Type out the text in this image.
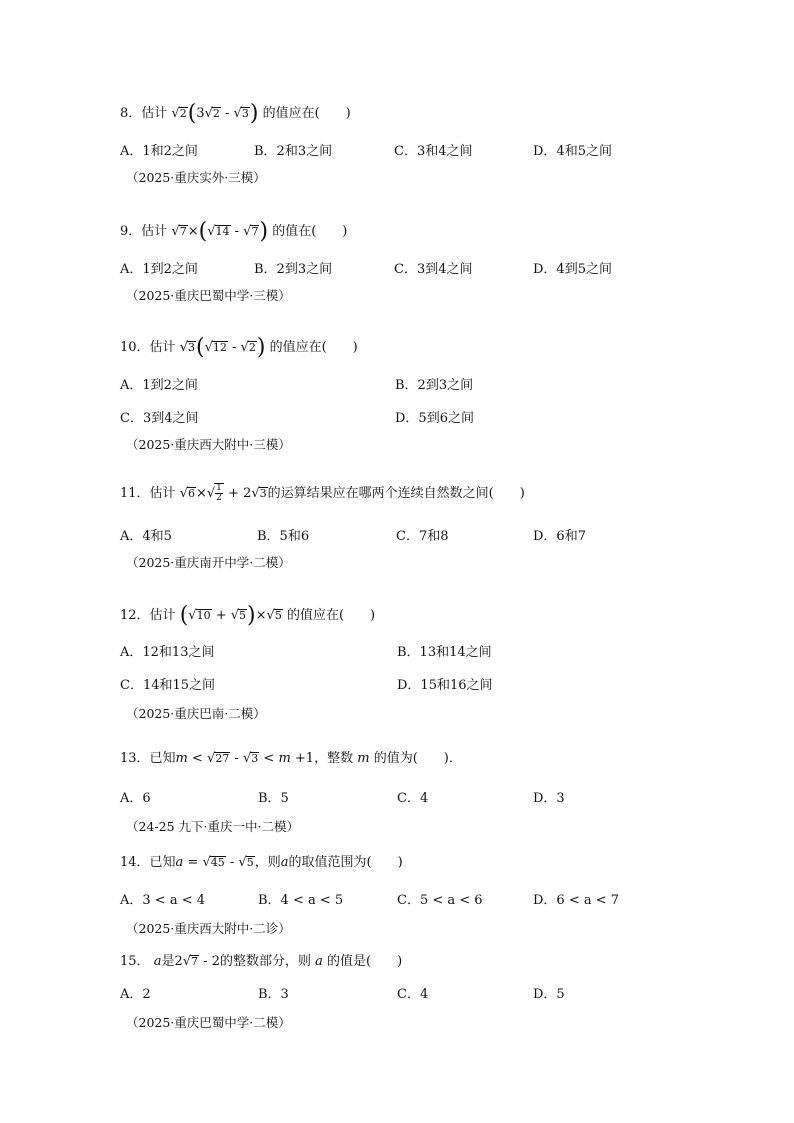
8．估计 √2(3√2 - √3) 的值应在(　　)
A．1和2之间	B．2和3之间	C．3和4之间	D．4和5之间
（2025·重庆实外·三模）
9．估计 √7×(√14 - √7) 的值在(　　)
A．1到2之间	B．2到3之间	C．3到4之间	D．4到5之间
（2025·重庆巴蜀中学·三模）
10．估计 √3(√12 - √2) 的值应在(　　)
A．1到2之间	B．2到3之间
C．3到4之间	D．5到6之间
（2025·重庆西大附中·三模）
11．估计 $√6\times√ \frac{1}{2} + 2√3$的运算结果应在哪两个连续自然数之间(　　)
A．4和5	B．5和6	C．7和8	D．6和7
（2025·重庆南开中学·二模）
12．估计 (√10 + √5)×√5 的值应在(　　)
A．12和13之间	B．13和14之间
C．14和15之间	D．15和16之间
（2025·重庆巴南·二模）
13．已知m < √27 - √3 < m +1，整数 m 的值为(　　)．
A．6	B．5	C．4	D．3
（24-25 九下·重庆一中·二模）
14．已知a = √45 - √5，则a的取值范围为(　　)
A．3 < a < 4	B．4 < a < 5	C．5 < a < 6	D．6 < a < 7
（2025·重庆西大附中·二诊）
15． a是2√7 - 2的整数部分，则 a 的值是(　　)
A．2	B．3	C．4	D．5
（2025·重庆巴蜀中学·二模）
